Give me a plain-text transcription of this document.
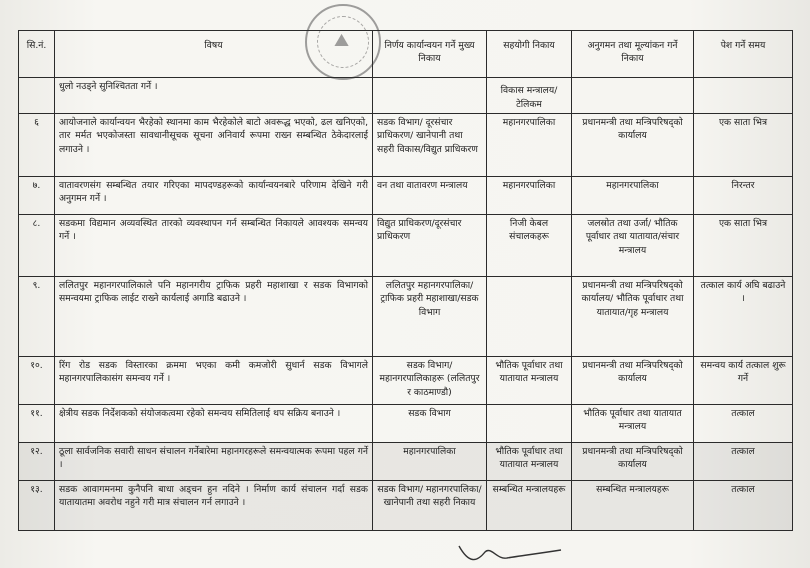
⛰
सि.नं.	विषय	निर्णय कार्यान्वयन गर्ने मुख्य निकाय	सहयोगी निकाय	अनुगमन तथा मूल्यांकन गर्ने निकाय	पेश गर्ने समय
	धुलो नउड्ने सुनिश्चितता गर्ने ।		विकास मन्त्रालय/टेलिकम		
६	आयोजनाले कार्यान्वयन भैरहेको स्थानमा काम भैरहेकोले बाटो अवरूद्ध भएको, ढल खनिएको, तार मर्मत भएकोजस्ता सावधानीसूचक सूचना अनिवार्य रूपमा राख्न सम्बन्धित ठेकेदारलाई लगाउने ।	सडक विभाग/ दूरसंचार प्राधिकरण/ खानेपानी तथा सहरी विकास/विद्युत प्राधिकरण	महानगरपालिका	प्रधानमन्त्री तथा मन्त्रिपरिषद्को कार्यालय	एक साता भित्र
७.	वातावरणसंग सम्बन्धित तयार गरिएका मापदण्डहरूको कार्यान्वयनबारे परिणाम देखिने गरी अनुगमन गर्ने ।	वन तथा वातावरण मन्त्रालय	महानगरपालिका	महानगरपालिका	निरन्तर
८.	सडकमा विद्यमान अव्यवस्थित तारको व्यवस्थापन गर्न सम्बन्धित निकायले आवश्यक समन्वय गर्ने ।	विद्युत प्राधिकरण/दूरसंचार प्राधिकरण	निजी केबल संचालकहरू	जलस्रोत तथा उर्जा/ भौतिक पूर्वाधार तथा यातायात/संचार मन्त्रालय	एक साता भित्र
९.	ललितपुर महानगरपालिकाले पनि महानगरीय ट्राफिक प्रहरी महाशाखा र सडक विभागको समन्वयमा ट्राफिक लाईट राख्ने कार्यलाई अगाडि बढाउने ।	ललितपुर महानगरपालिका/ट्राफिक प्रहरी महाशाखा/सडक विभाग		प्रधानमन्त्री तथा मन्त्रिपरिषद्को कार्यालय/ भौतिक पूर्वाधार तथा यातायात/गृह मन्त्रालय	तत्काल कार्य अघि बढाउने ।
१०.	रिंग रोड सडक विस्तारका क्रममा भएका कमी कमजोरी सुधार्न सडक विभागले महानगरपालिकासंग समन्वय गर्ने ।	सडक विभाग/महानगरपालिकाहरू (ललितपुर र काठमाण्डौ)	भौतिक पूर्वाधार तथा यातायात मन्त्रालय	प्रधानमन्त्री तथा मन्त्रिपरिषद्को कार्यालय	समन्वय कार्य तत्काल शुरू गर्ने
११.	क्षेत्रीय सडक निर्देशकको संयोजकत्वमा रहेको समन्वय समितिलाई थप सक्रिय बनाउने ।	सडक विभाग		भौतिक पूर्वाधार तथा यातायात मन्त्रालय	तत्काल
१२.	ठूला सार्वजनिक सवारी साधन संचालन गर्नेबारेमा महानगरहरूले समन्वयात्मक रूपमा पहल गर्ने ।	महानगरपालिका	भौतिक पूर्वाधार तथा यातायात मन्त्रालय	प्रधानमन्त्री तथा मन्त्रिपरिषद्को कार्यालय	तत्काल
१३.	सडक आवागमनमा कुनैपनि बाधा अड्चन हुन नदिने । निर्माण कार्य संचालन गर्दा सडक यातायातमा अवरोध नहुने गरी मात्र संचालन गर्न लगाउने ।	सडक विभाग/ महानगरपालिका/ खानेपानी तथा सहरी निकाय	सम्बन्धित मन्त्रालयहरू	सम्बन्धित मन्त्रालयहरू	तत्काल
